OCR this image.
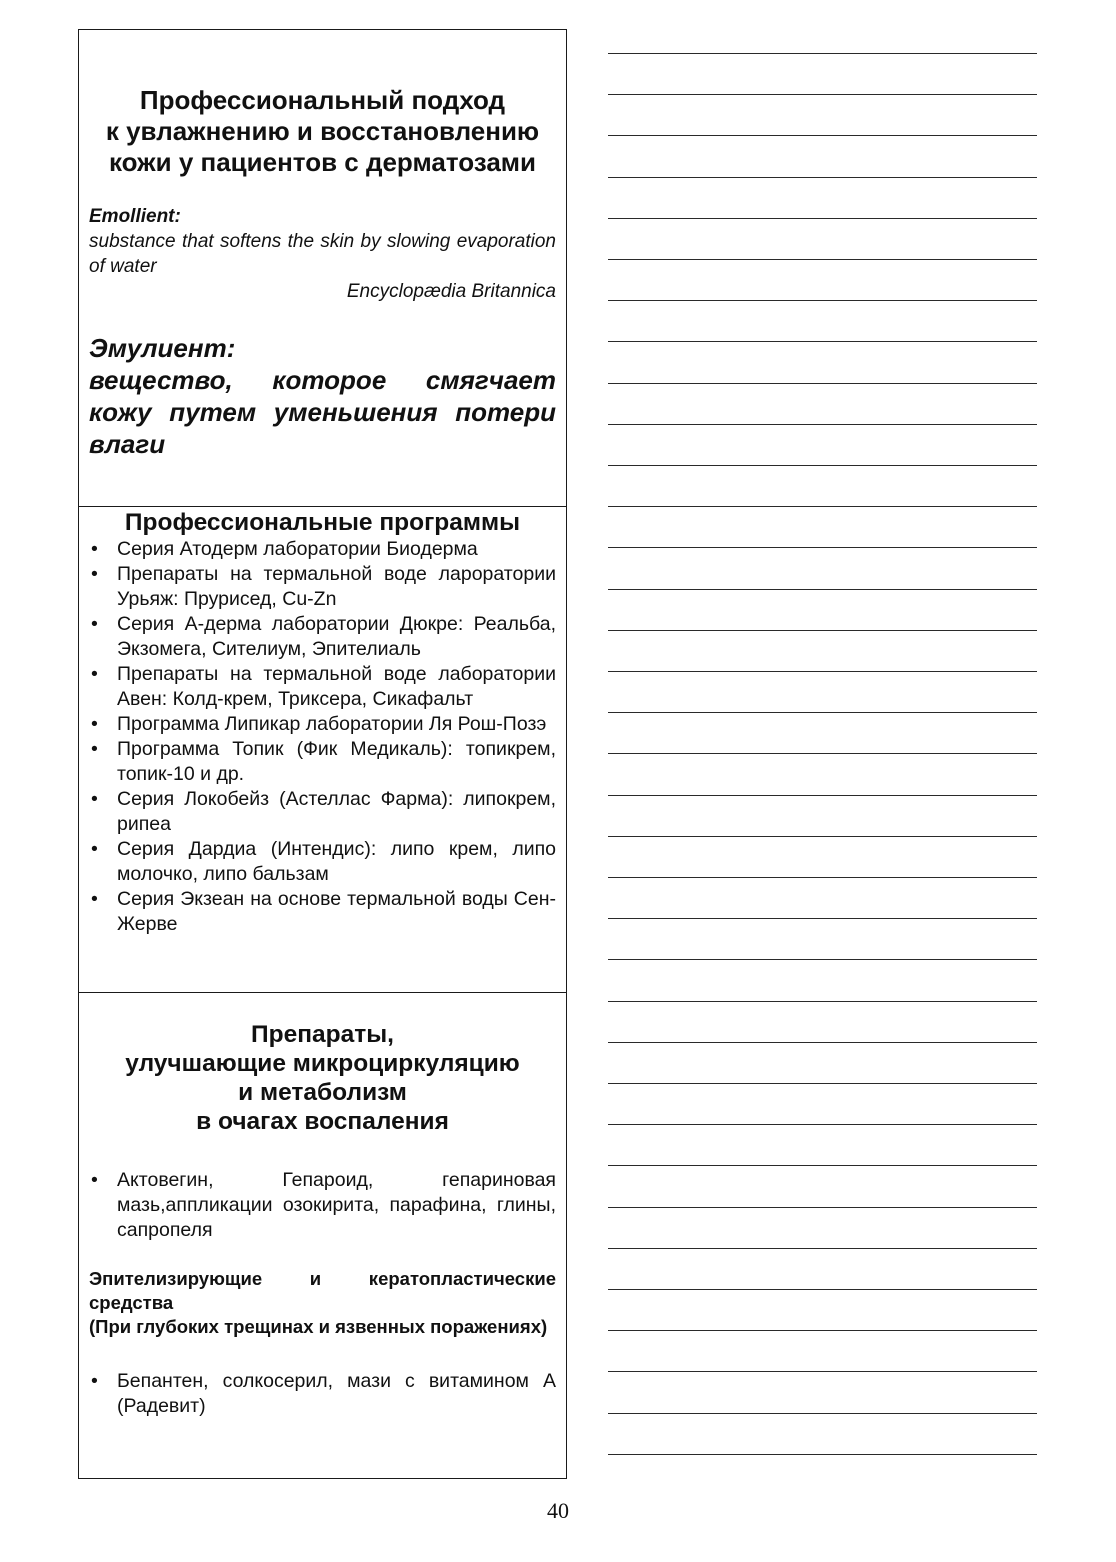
Профессиональный подход

к увлажнению и восстановлению

кожи у пациентов с дерматозами

Emollient:
substance that softens the skin by slowing evaporation of water
Encyclopædia Britannica
Эмулиент:
вещество, которое смягчает кожу путем уменьшения потери влаги

Профессиональные программы

• Серия Атодерм лаборатории Биодерма
• Препараты на термальной воде лароратории Урьяж: Прурисед, Cu-Zn
• Серия А-дерма лаборатории Дюкре: Реальба, Экзомега, Сителиум, Эпителиаль
• Препараты на термальной воде лаборатории Авен: Колд-крем, Триксера, Сикафальт
• Программа Липикар лаборатории Ля Рош-Позэ
• Программа Топик (Фик Медикаль): топикрем, топик-10 и др.
• Серия Локобейз (Астеллас Фарма): липокрем, рипеа
• Серия Дардиа (Интендис): липо крем, липо молочко, липо бальзам
• Серия Экзеан на основе термальной воды Сен-Жерве

Препараты,

улучшающие микроциркуляцию

и метаболизм

в очагах воспаления

• Актовегин, Гепароид, гепариновая мазь,аппликации озокирита, парафина, глины, сапропеля
Эпителизирующие и кератопластические средства
(При глубоких трещинах и язвенных поражениях)
• Бепантен, солкосерил, мази с витамином А (Радевит)
40
